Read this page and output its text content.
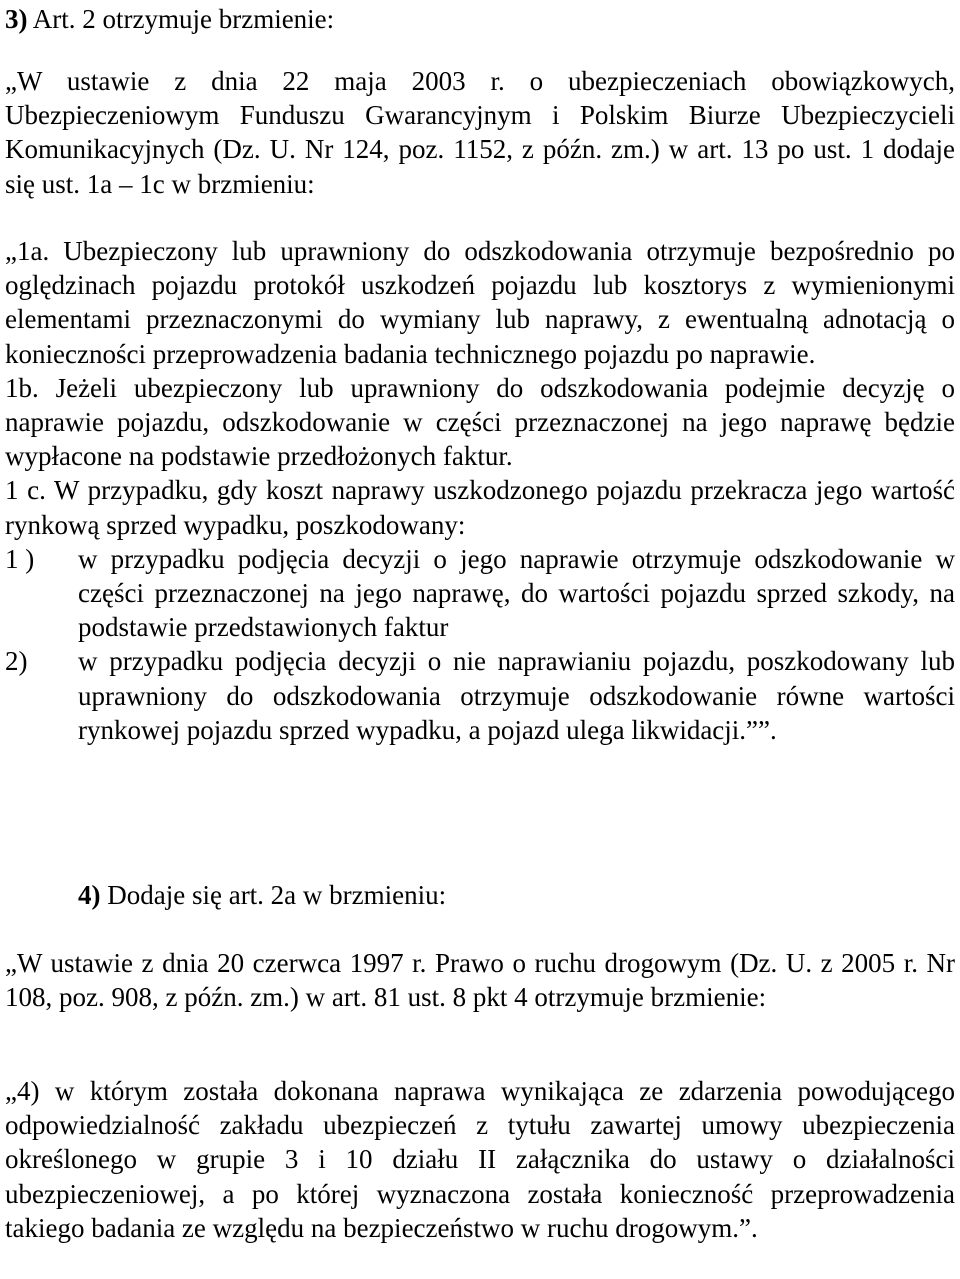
3) Art. 2 otrzymuje brzmienie:

„W ustawie z dnia 22 maja 2003 r. o ubezpieczeniach obowiązkowych, Ubezpieczeniowym Funduszu Gwarancyjnym i Polskim Biurze Ubezpieczycieli Komunikacyjnych (Dz. U. Nr 124, poz. 1152, z późn. zm.) w art. 13 po ust. 1 dodaje się ust. 1a – 1c w brzmieniu:

„1a. Ubezpieczony lub uprawniony do odszkodowania otrzymuje bezpośrednio po oględzinach pojazdu protokół uszkodzeń pojazdu lub kosztorys z wymienionymi elementami przeznaczonymi do wymiany lub naprawy, z ewentualną adnotacją o konieczności przeprowadzenia badania technicznego pojazdu po naprawie.

1b. Jeżeli ubezpieczony lub uprawniony do odszkodowania podejmie decyzję o naprawie pojazdu, odszkodowanie w części przeznaczonej na jego naprawę będzie wypłacone na podstawie przedłożonych faktur.

1 c. W przypadku, gdy koszt naprawy uszkodzonego pojazdu przekracza jego wartość rynkową sprzed wypadku, poszkodowany:

1 )	w przypadku podjęcia decyzji o jego naprawie otrzymuje odszkodowanie w części przeznaczonej na jego naprawę, do wartości pojazdu sprzed szkody, na podstawie przedstawionych faktur
2)	w przypadku podjęcia decyzji o nie naprawianiu pojazdu, poszkodowany lub uprawniony do odszkodowania otrzymuje odszkodowanie równe wartości rynkowej pojazdu sprzed wypadku, a pojazd ulega likwidacji.””.

4) Dodaje się art. 2a w brzmieniu:

„W ustawie z dnia 20 czerwca 1997 r. Prawo o ruchu drogowym (Dz. U. z 2005 r. Nr 108, poz. 908, z późn. zm.) w art. 81 ust. 8 pkt 4 otrzymuje brzmienie:

„4) w którym została dokonana naprawa wynikająca ze zdarzenia powodującego odpowiedzialność zakładu ubezpieczeń z tytułu zawartej umowy ubezpieczenia określonego w grupie 3 i 10 działu II załącznika do ustawy o działalności ubezpieczeniowej, a po której wyznaczona została konieczność przeprowadzenia takiego badania ze względu na bezpieczeństwo w ruchu drogowym.”.
